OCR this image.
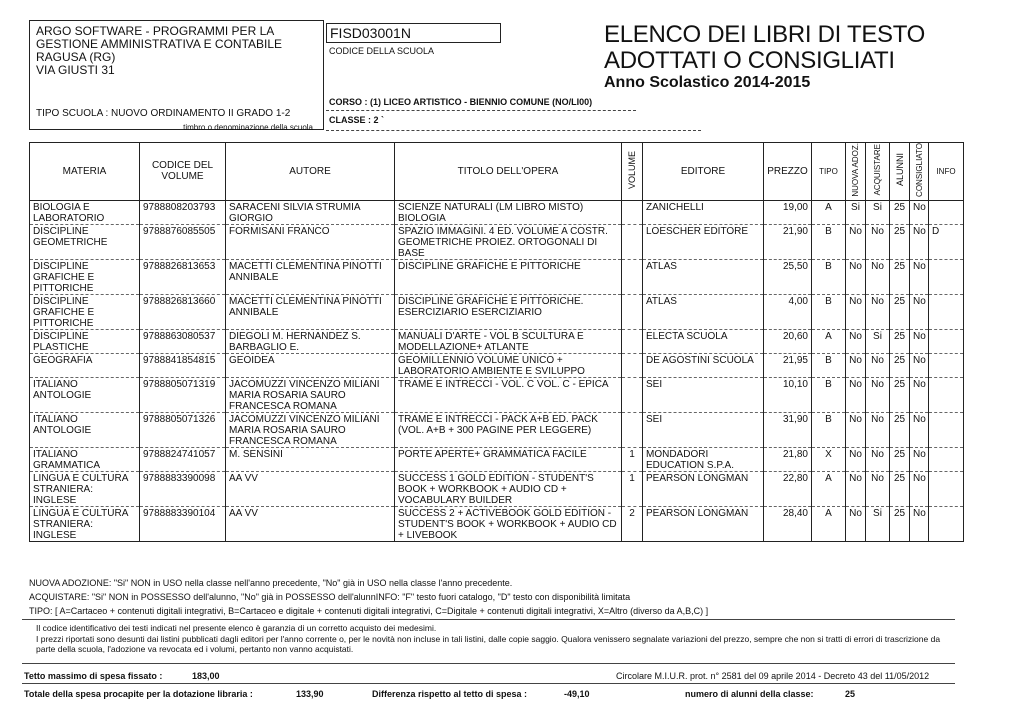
ARGO SOFTWARE - PROGRAMMI PER LA
GESTIONE AMMINISTRATIVA E CONTABILE
RAGUSA (RG)
VIA GIUSTI 31
TIPO SCUOLA : NUOVO ORDINAMENTO II GRADO 1-2
timbro o denominazione della scuola
FISD03001N
CODICE DELLA SCUOLA
ELENCO DEI LIBRI DI TESTO
ADOTTATI O CONSIGLIATI
Anno Scolastico 2014-2015
CORSO : (1) LICEO ARTISTICO - BIENNIO COMUNE (NO/LI00)
CLASSE : 2 `
MATERIA	CODICE DEL VOLUME	AUTORE	TITOLO DELL'OPERA	VOLUME	EDITORE	PREZZO	TIPO	NUOVA ADOZ.	ACQUISTARE	ALUNNI	CONSIGLIATO	INFO
BIOLOGIA E LABORATORIO	9788808203793	SARACENI SILVIA STRUMIA GIORGIO	SCIENZE NATURALI (LM LIBRO MISTO) BIOLOGIA		ZANICHELLI	19,00	A	Si	Si	25	No	
DISCIPLINE GEOMETRICHE	9788876085505	FORMISANI FRANCO	SPAZIO IMMAGINI. 4 ED. VOLUME A COSTR. GEOMETRICHE PROIEZ. ORTOGONALI DI BASE		LOESCHER EDITORE	21,90	B	No	No	25	No	D
DISCIPLINE GRAFICHE E PITTORICHE	9788826813653	MACETTI CLEMENTINA PINOTTI ANNIBALE	DISCIPLINE GRAFICHE E PITTORICHE		ATLAS	25,50	B	No	No	25	No	
DISCIPLINE GRAFICHE E PITTORICHE	9788826813660	MACETTI CLEMENTINA PINOTTI ANNIBALE	DISCIPLINE GRAFICHE E PITTORICHE. ESERCIZIARIO ESERCIZIARIO		ATLAS	4,00	B	No	No	25	No	
DISCIPLINE PLASTICHE	9788863080537	DIEGOLI M. HERNANDEZ S. BARBAGLIO E.	MANUALI D'ARTE - VOL B SCULTURA E MODELLAZIONE+ ATLANTE		ELECTA SCUOLA	20,60	A	No	Si	25	No	
GEOGRAFIA	9788841854815	GEOIDEA	GEOMILLENNIO VOLUME UNICO + LABORATORIO AMBIENTE E SVILUPPO		DE AGOSTINI SCUOLA	21,95	B	No	No	25	No	
ITALIANO ANTOLOGIE	9788805071319	JACOMUZZI VINCENZO MILIANI MARIA ROSARIA SAURO FRANCESCA ROMANA	TRAME E INTRECCI - VOL. C VOL. C - EPICA		SEI	10,10	B	No	No	25	No	
ITALIANO ANTOLOGIE	9788805071326	JACOMUZZI VINCENZO MILIANI MARIA ROSARIA SAURO FRANCESCA ROMANA	TRAME E INTRECCI - PACK A+B ED. PACK (VOL. A+B + 300 PAGINE PER LEGGERE)		SEI	31,90	B	No	No	25	No	
ITALIANO GRAMMATICA	9788824741057	M. SENSINI	PORTE APERTE+ GRAMMATICA FACILE	1	MONDADORI EDUCATION S.P.A.	21,80	X	No	No	25	No	
LINGUA E CULTURA STRANIERA: INGLESE	9788883390098	AA VV	SUCCESS 1 GOLD EDITION - STUDENT'S BOOK + WORKBOOK + AUDIO CD + VOCABULARY BUILDER	1	PEARSON LONGMAN	22,80	A	No	No	25	No	
LINGUA E CULTURA STRANIERA: INGLESE	9788883390104	AA VV	SUCCESS 2 + ACTIVEBOOK GOLD EDITION - STUDENT'S BOOK + WORKBOOK + AUDIO CD + LIVEBOOK	2	PEARSON LONGMAN	28,40	A	No	Si	25	No	
NUOVA ADOZIONE: "Si" NON in USO nella classe nell'anno precedente, "No" già in USO nella classe l'anno precedente.
ACQUISTARE: "Si" NON in POSSESSO dell'alunno, "No" già in POSSESSO dell'alunnINFO: "F" testo fuori catalogo, "D" testo con disponibilità limitata
TIPO: [ A=Cartaceo + contenuti digitali integrativi, B=Cartaceo e digitale + contenuti digitali integrativi, C=Digitale + contenuti digitali integrativi, X=Altro (diverso da A,B,C) ]
Il codice identificativo dei testi indicati nel presente elenco è garanzia di un corretto acquisto dei medesimi.
I prezzi riportati sono desunti dai listini pubblicati dagli editori per l'anno corrente o, per le novità non incluse in tali listini, dalle copie saggio. Qualora venissero segnalate variazioni del prezzo, sempre che non si tratti di errori di trascrizione da parte della scuola, l'adozione va revocata ed i volumi, pertanto non vanno acquistati.
Tetto massimo di spesa fissato :	183,00	Circolare M.I.U.R. prot. n° 2581 del 09 aprile 2014 - Decreto 43 del 11/05/2012
Totale della spesa procapite per la dotazione libraria :	133,90	Differenza rispetto al tetto di spesa :	-49,10	numero di alunni della classe:	25
